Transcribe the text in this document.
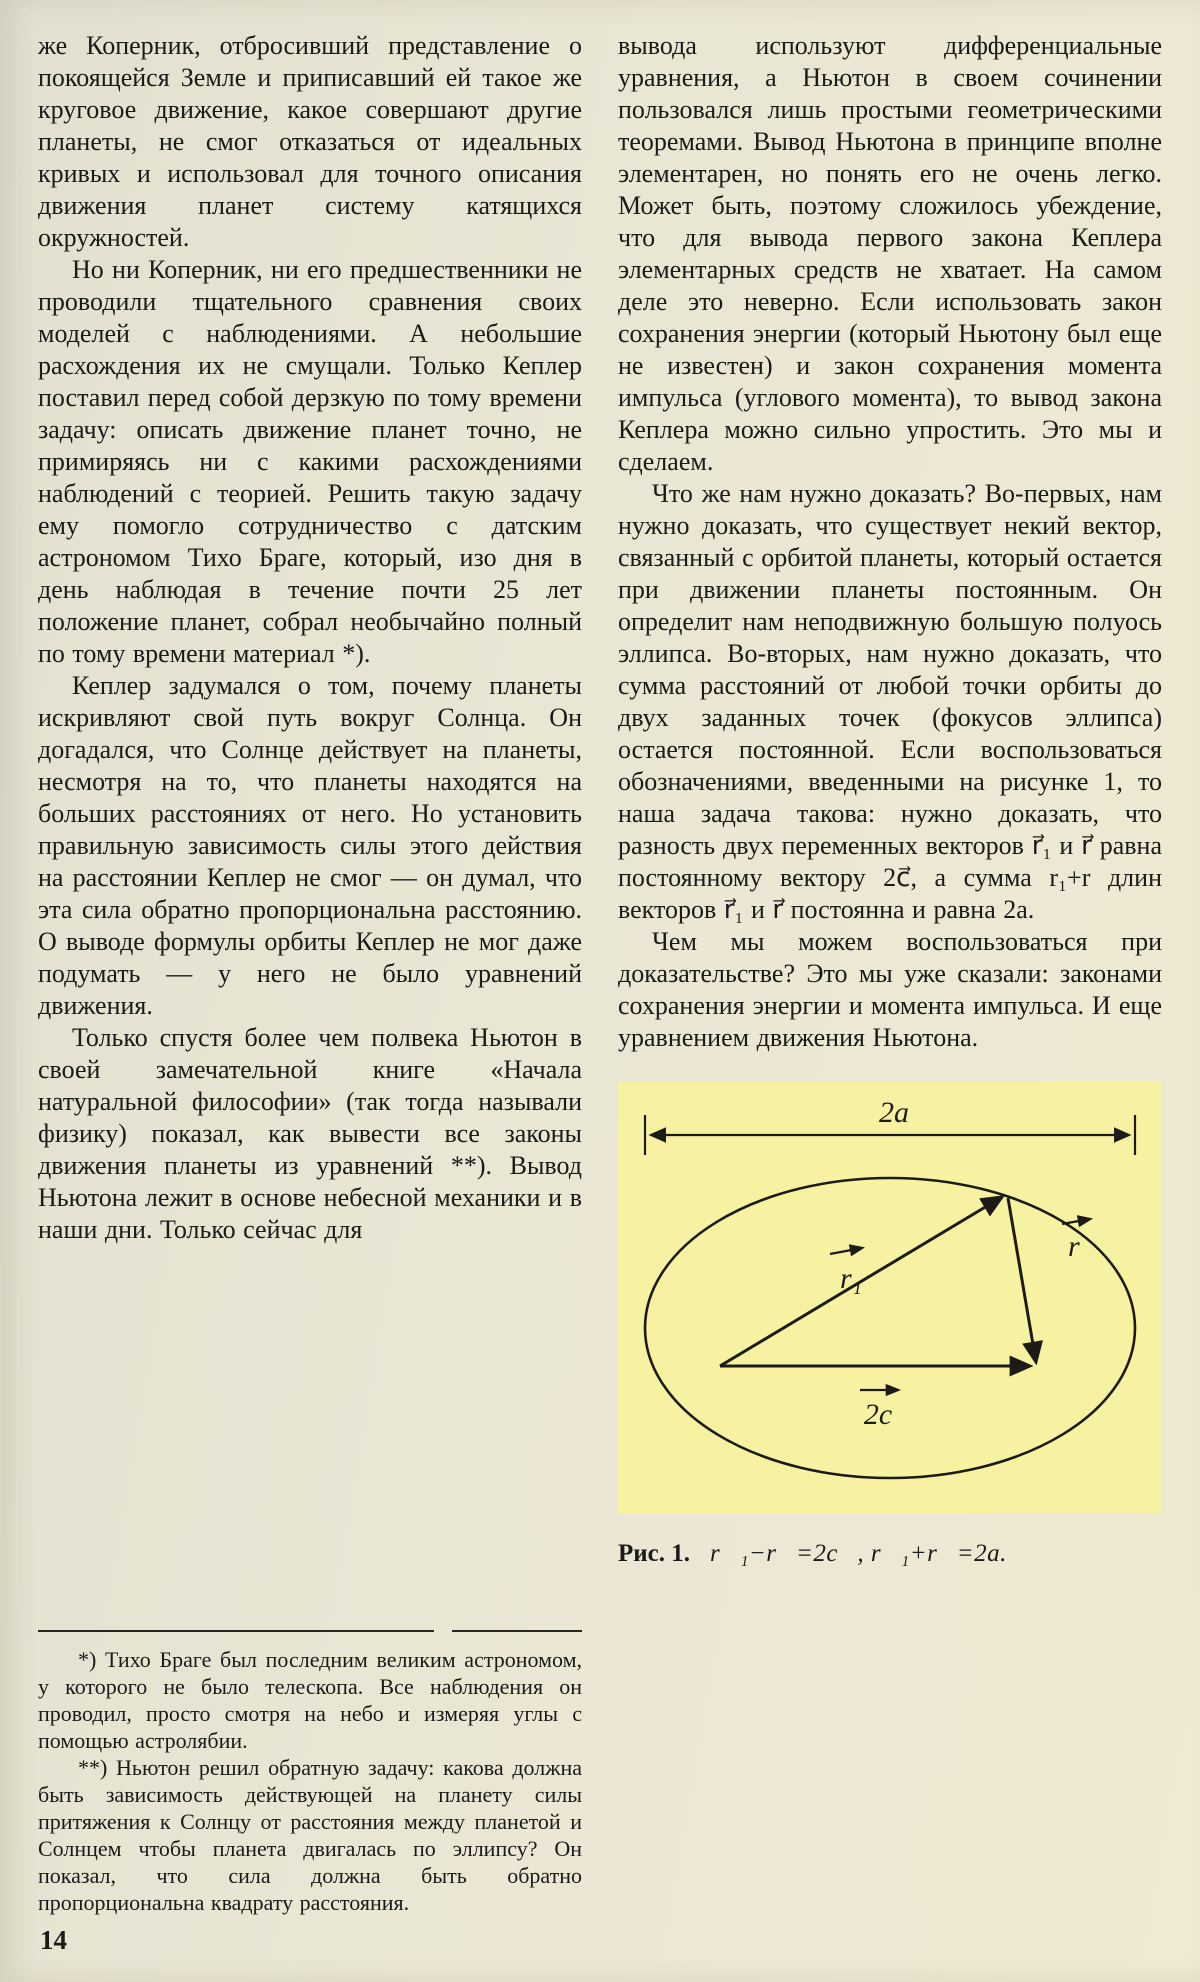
же Коперник, отбросивший представление о покоящейся Земле и приписавший ей такое же круговое движение, какое совершают другие планеты, не смог отказаться от идеальных кривых и использовал для точного описания движения планет систему катящихся окружностей.

Но ни Коперник, ни его предшественники не проводили тщательного сравнения своих моделей с наблюдениями. А небольшие расхождения их не смущали. Только Кеплер поставил перед собой дерзкую по тому времени задачу: описать движение планет точно, не примиряясь ни с какими расхождениями наблюдений с теорией. Решить такую задачу ему помогло сотрудничество с датским астрономом Тихо Браге, который, изо дня в день наблюдая в течение почти 25 лет положение планет, собрал необычайно полный по тому времени материал *).

Кеплер задумался о том, почему планеты искривляют свой путь вокруг Солнца. Он догадался, что Солнце действует на планеты, несмотря на то, что планеты находятся на больших расстояниях от него. Но установить правильную зависимость силы этого действия на расстоянии Кеплер не смог — он думал, что эта сила обратно пропорциональна расстоянию. О выводе формулы орбиты Кеплер не мог даже подумать — у него не было уравнений движения.

Только спустя более чем полвека Ньютон в своей замечательной книге «Начала натуральной философии» (так тогда называли физику) показал, как вывести все законы движения планеты из уравнений **). Вывод Ньютона лежит в основе небесной механики и в наши дни. Только сейчас для

*) Тихо Браге был последним великим астрономом, у которого не было телескопа. Все наблюдения он проводил, просто смотря на небо и измеряя углы с помощью астролябии.

**) Ньютон решил обратную задачу: какова должна быть зависимость действующей на планету силы притяжения к Солнцу от расстояния между планетой и Солнцем чтобы планета двигалась по эллипсу? Он показал, что сила должна быть обратно пропорциональна квадрату расстояния.

вывода используют дифференциальные уравнения, а Ньютон в своем сочинении пользовался лишь простыми геометрическими теоремами. Вывод Ньютона в принципе вполне элементарен, но понять его не очень легко. Может быть, поэтому сложилось убеждение, что для вывода первого закона Кеплера элементарных средств не хватает. На самом деле это неверно. Если использовать закон сохранения энергии (который Ньютону был еще не известен) и закон сохранения момента импульса (углового момента), то вывод закона Кеплера можно сильно упростить. Это мы и сделаем.

Что же нам нужно доказать? Во-первых, нам нужно доказать, что существует некий вектор, связанный с орбитой планеты, который остается при движении планеты постоянным. Он определит нам неподвижную большую полуось эллипса. Во-вторых, нам нужно доказать, что сумма расстояний от любой точки орбиты до двух заданных точек (фокусов эллипса) остается постоянной. Если воспользоваться обозначениями, введенными на рисунке 1, то наша задача такова: нужно доказать, что разность двух переменных векторов r⃗₁ и r⃗ равна постоянному вектору 2c⃗, а сумма r₁+r длин векторов r⃗₁ и r⃗ постоянна и равна 2a.

Чем мы можем воспользоваться при доказательстве? Это мы уже сказали: законами сохранения энергии и момента импульса. И еще уравнением движения Ньютона.

2a
r₁
r
2c
Рис. 1. r⃗₁−r⃗=2c⃗, r⃗₁+r⃗=2a.
14
